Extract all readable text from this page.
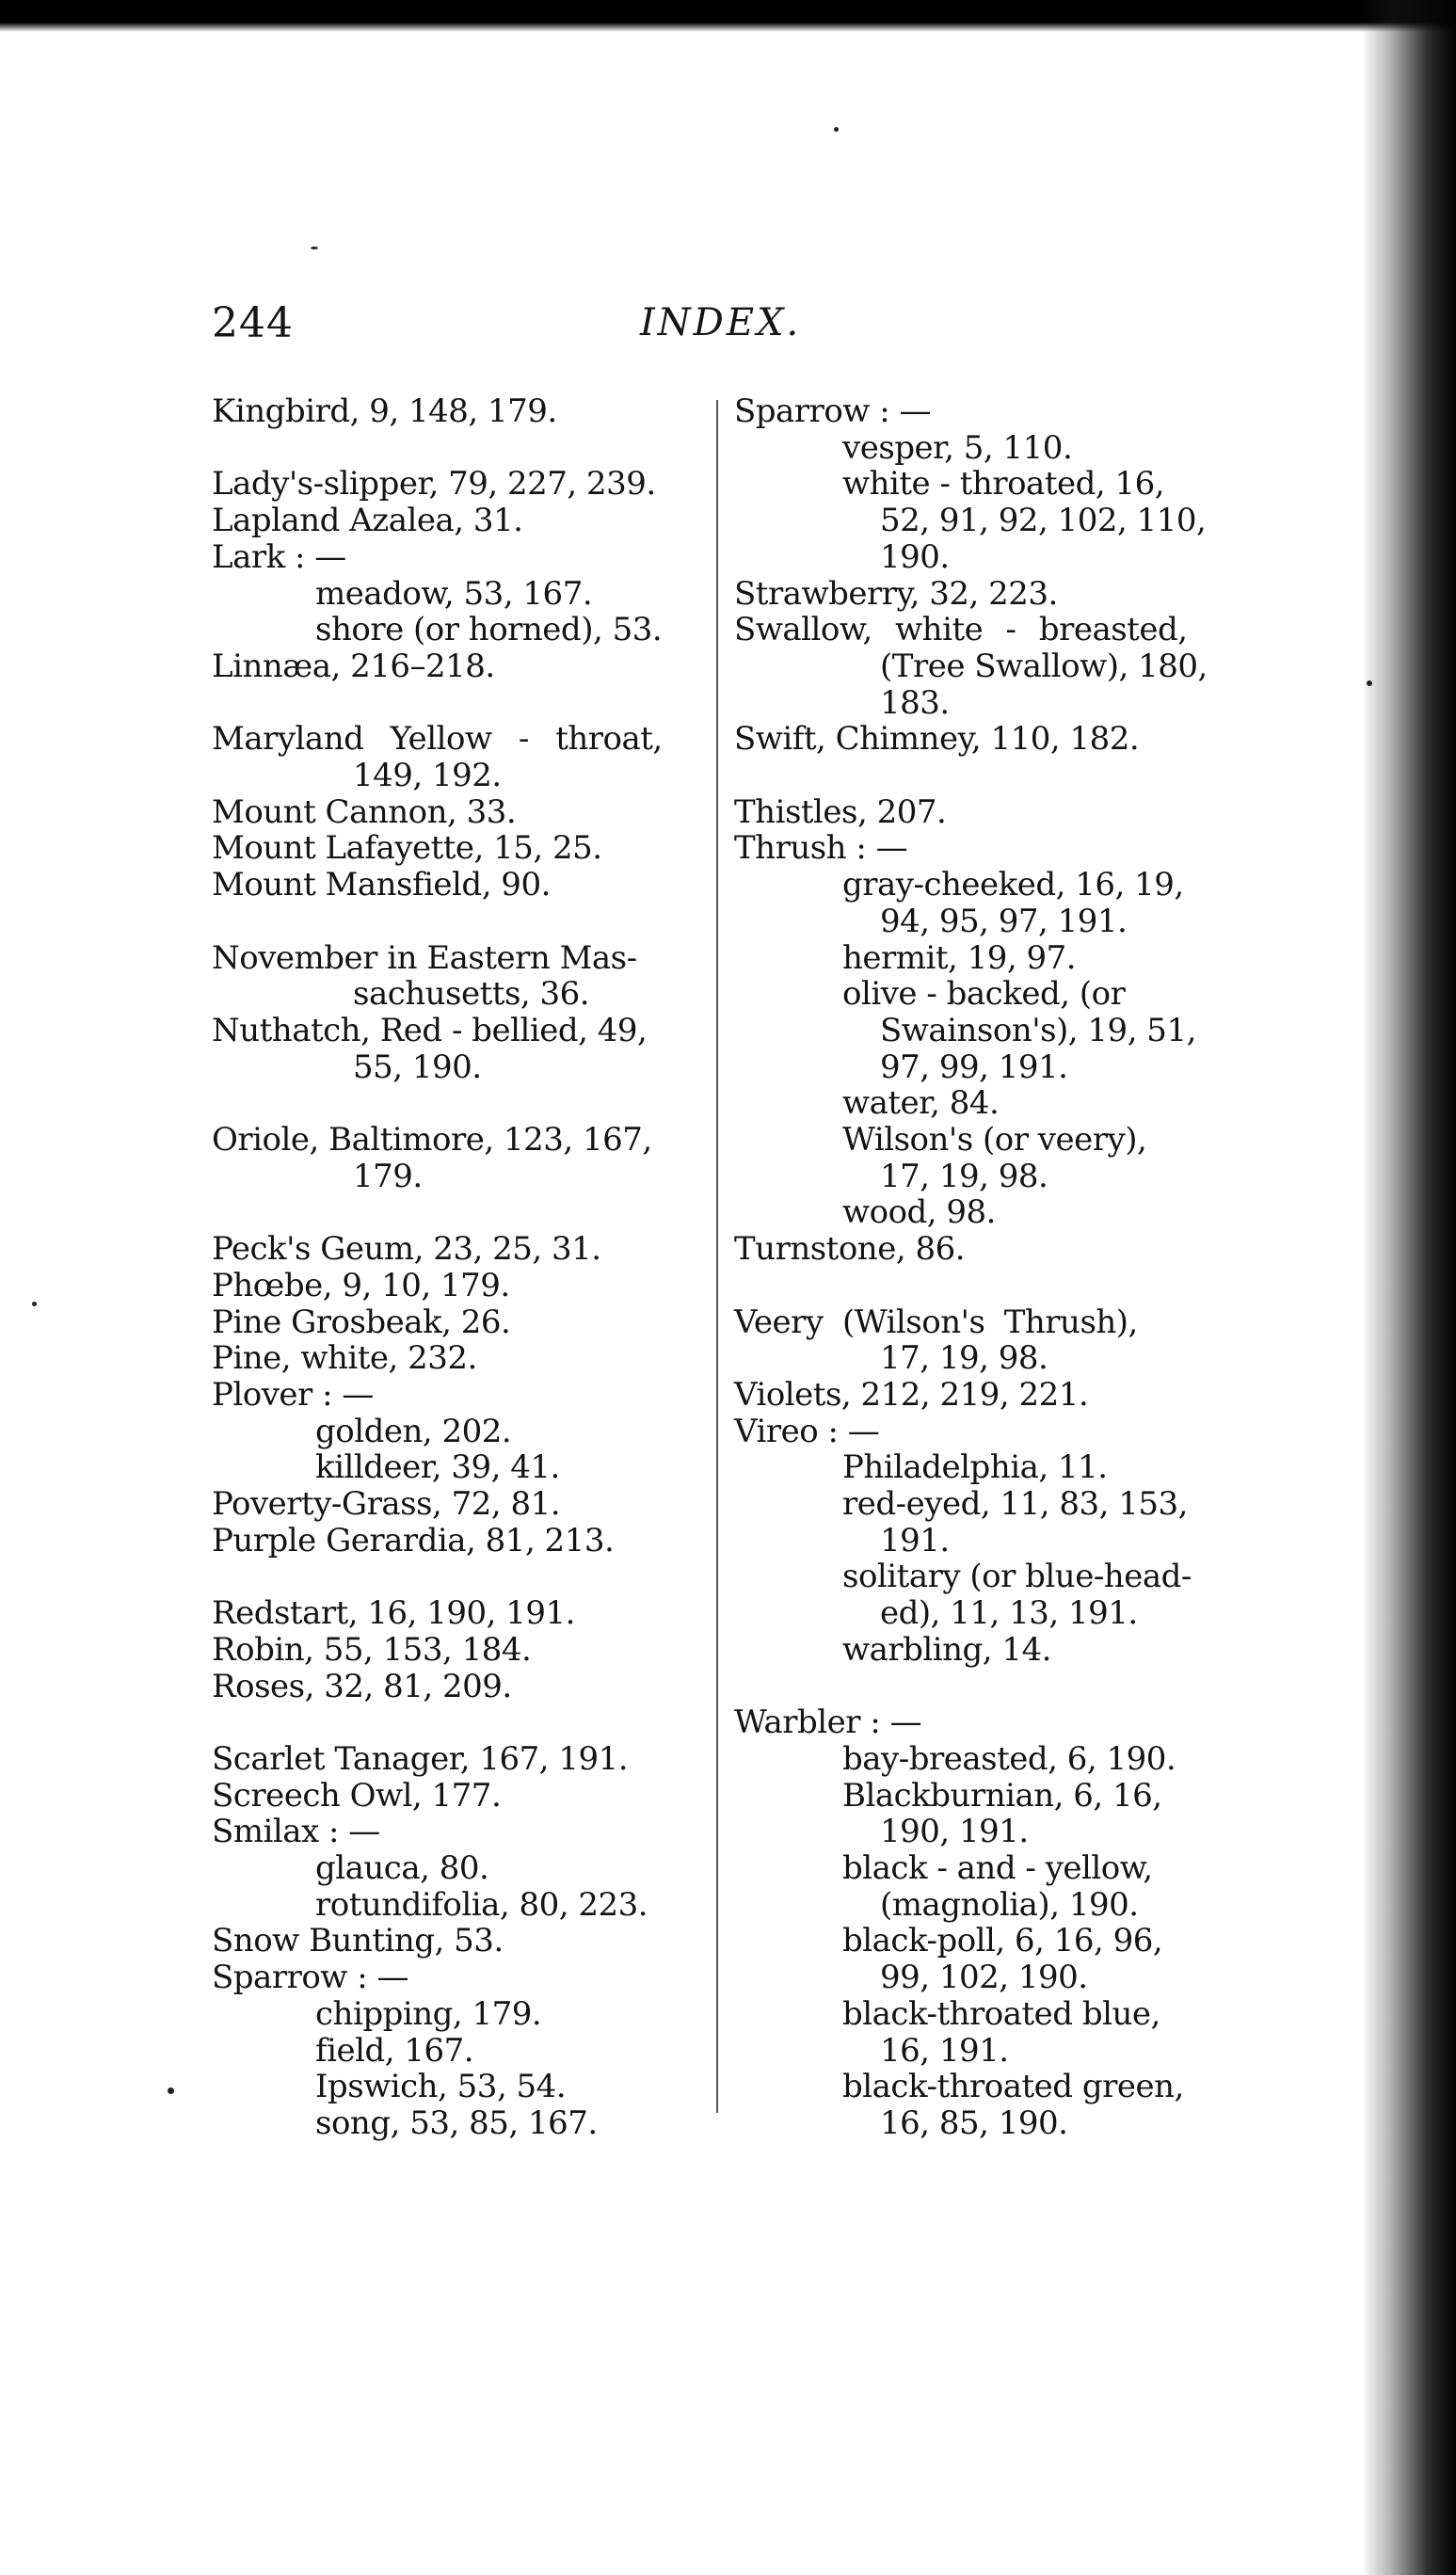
244	INDEX.
Kingbird, 9, 148, 179.
Lady's-slipper, 79, 227, 239.
Lapland Azalea, 31.
Lark : —
meadow, 53, 167.
shore (or horned), 53.
Linnæa, 216–218.
Maryland Yellow - throat,
149, 192.
Mount Cannon, 33.
Mount Lafayette, 15, 25.
Mount Mansfield, 90.
November in Eastern Mas-
sachusetts, 36.
Nuthatch, Red - bellied, 49,
55, 190.
Oriole, Baltimore, 123, 167,
179.
Peck's Geum, 23, 25, 31.
Phœbe, 9, 10, 179.
Pine Grosbeak, 26.
Pine, white, 232.
Plover : —
golden, 202.
killdeer, 39, 41.
Poverty-Grass, 72, 81.
Purple Gerardia, 81, 213.
Redstart, 16, 190, 191.
Robin, 55, 153, 184.
Roses, 32, 81, 209.
Scarlet Tanager, 167, 191.
Screech Owl, 177.
Smilax : —
glauca, 80.
rotundifolia, 80, 223.
Snow Bunting, 53.
Sparrow : —
chipping, 179.
field, 167.
Ipswich, 53, 54.
song, 53, 85, 167.
Sparrow : —
vesper, 5, 110.
white - throated, 16,
52, 91, 92, 102, 110,
190.
Strawberry, 32, 223.
Swallow, white - breasted,
(Tree Swallow), 180,
183.
Swift, Chimney, 110, 182.
Thistles, 207.
Thrush : —
gray-cheeked, 16, 19,
94, 95, 97, 191.
hermit, 19, 97.
olive - backed, (or
Swainson's), 19, 51,
97, 99, 191.
water, 84.
Wilson's (or veery),
17, 19, 98.
wood, 98.
Turnstone, 86.
Veery (Wilson's Thrush),
17, 19, 98.
Violets, 212, 219, 221.
Vireo : —
Philadelphia, 11.
red-eyed, 11, 83, 153,
191.
solitary (or blue-head-
ed), 11, 13, 191.
warbling, 14.
Warbler : —
bay-breasted, 6, 190.
Blackburnian, 6, 16,
190, 191.
black - and - yellow,
(magnolia), 190.
black-poll, 6, 16, 96,
99, 102, 190.
black-throated blue,
16, 191.
black-throated green,
16, 85, 190.
